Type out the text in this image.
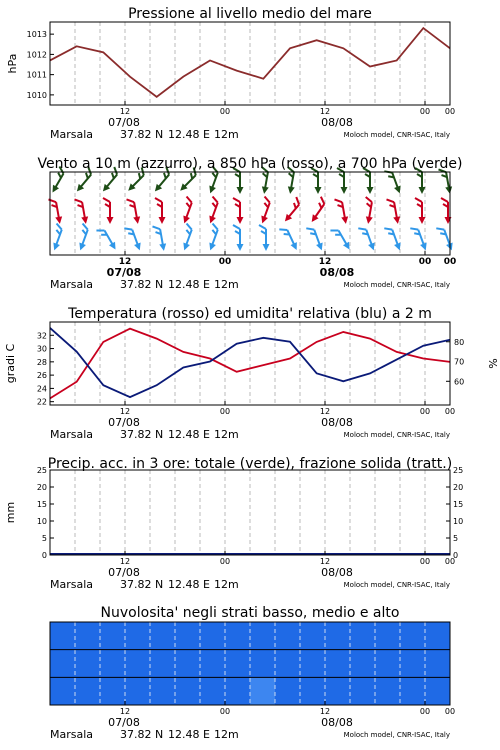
1010
1011
1012
1013
Pressione al livello medio del mare
hPa
12	00	12	00 00
07/08	08/08
Marsala 37.82 N 12.48 E 12m	Moloch model, CNR-ISAC, Italy
Vento a 10 m (azzurro), a 850 hPa (rosso), a 700 hPa (verde)
12	00	12	00 00
07/08	08/08
Marsala 37.82 N 12.48 E 12m	Moloch model, CNR-ISAC, Italy
22
24
26
28
30
32
60
70
80
Temperatura (rosso) ed umidita' relativa (blu) a 2 m
gradi C	%
12	00	12	00 00
07/08	08/08
Marsala 37.82 N 12.48 E 12m	Moloch model, CNR-ISAC, Italy
0	0
5	5
10	10
15	15
20	20
25	25
Precip. acc. in 3 ore: totale (verde), frazione solida (tratt.)
mm
12	00	12	00 00
07/08	08/08
Marsala 37.82 N 12.48 E 12m	Moloch model, CNR-ISAC, Italy
Nuvolosita' negli strati basso, medio e alto
12	00	12	00 00
07/08	08/08
Marsala 37.82 N 12.48 E 12m	Moloch model, CNR-ISAC, Italy
